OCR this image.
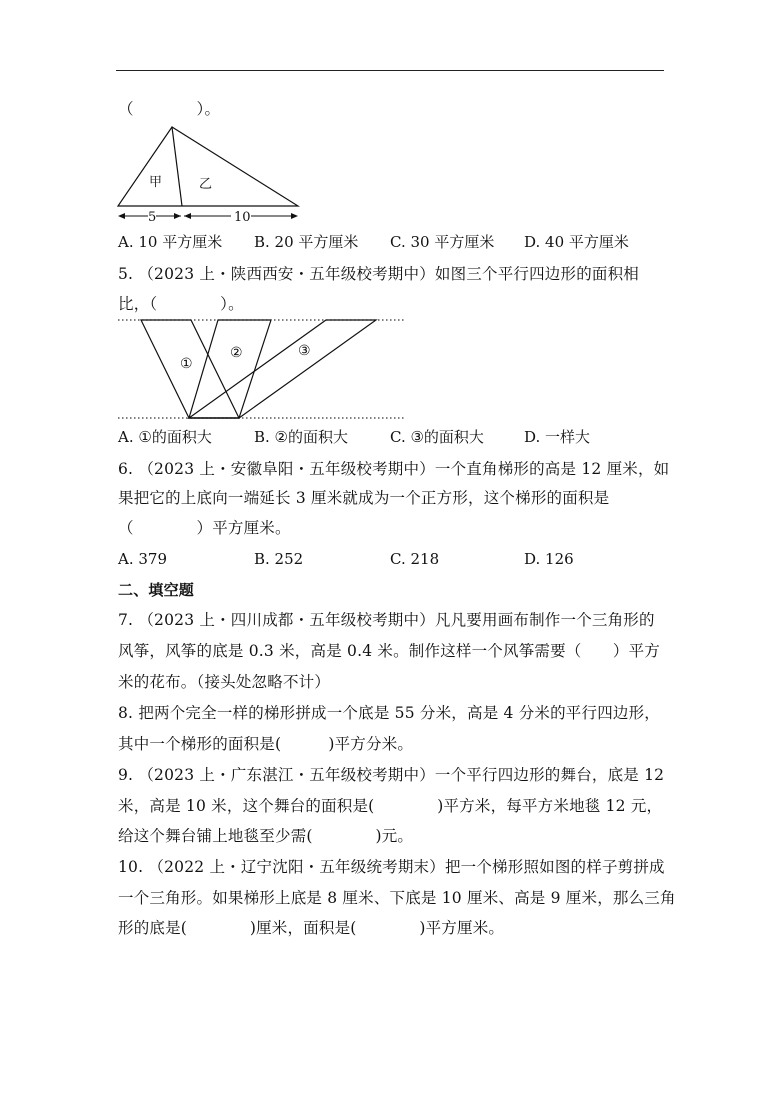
（　　　　）。
甲	乙
5	10
A. 10 平方厘米 B. 20 平方厘米 C. 30 平方厘米 D. 40 平方厘米
5. （2023 上・陕西西安・五年级校考期中）如图三个平行四边形的面积相
比，（　　　　）。
①
②	③
A. ①的面积大	B. ②的面积大	C. ③的面积大	D. 一样大
6. （2023 上・安徽阜阳・五年级校考期中）一个直角梯形的高是 12 厘米，如
果把它的上底向一端延长 3 厘米就成为一个正方形，这个梯形的面积是
（　　　　）平方厘米。
A. 379	B. 252	C. 218	D. 126
二、填空题
7. （2023 上・四川成都・五年级校考期中）凡凡要用画布制作一个三角形的
风筝，风筝的底是 0.3 米，高是 0.4 米。制作这样一个风筝需要（　　）平方
米的花布。（接头处忽略不计）
8. 把两个完全一样的梯形拼成一个底是 55 分米，高是 4 分米的平行四边形，
其中一个梯形的面积是(　　　)平方分米。
9. （2023 上・广东湛江・五年级校考期中）一个平行四边形的舞台，底是 12
米，高是 10 米，这个舞台的面积是(　　　　)平方米，每平方米地毯 12 元，
给这个舞台铺上地毯至少需(　　　　)元。
10. （2022 上・辽宁沈阳・五年级统考期末）把一个梯形照如图的样子剪拼成
一个三角形。如果梯形上底是 8 厘米、下底是 10 厘米、高是 9 厘米，那么三角
形的底是(　　　　)厘米，面积是(　　　　)平方厘米。
